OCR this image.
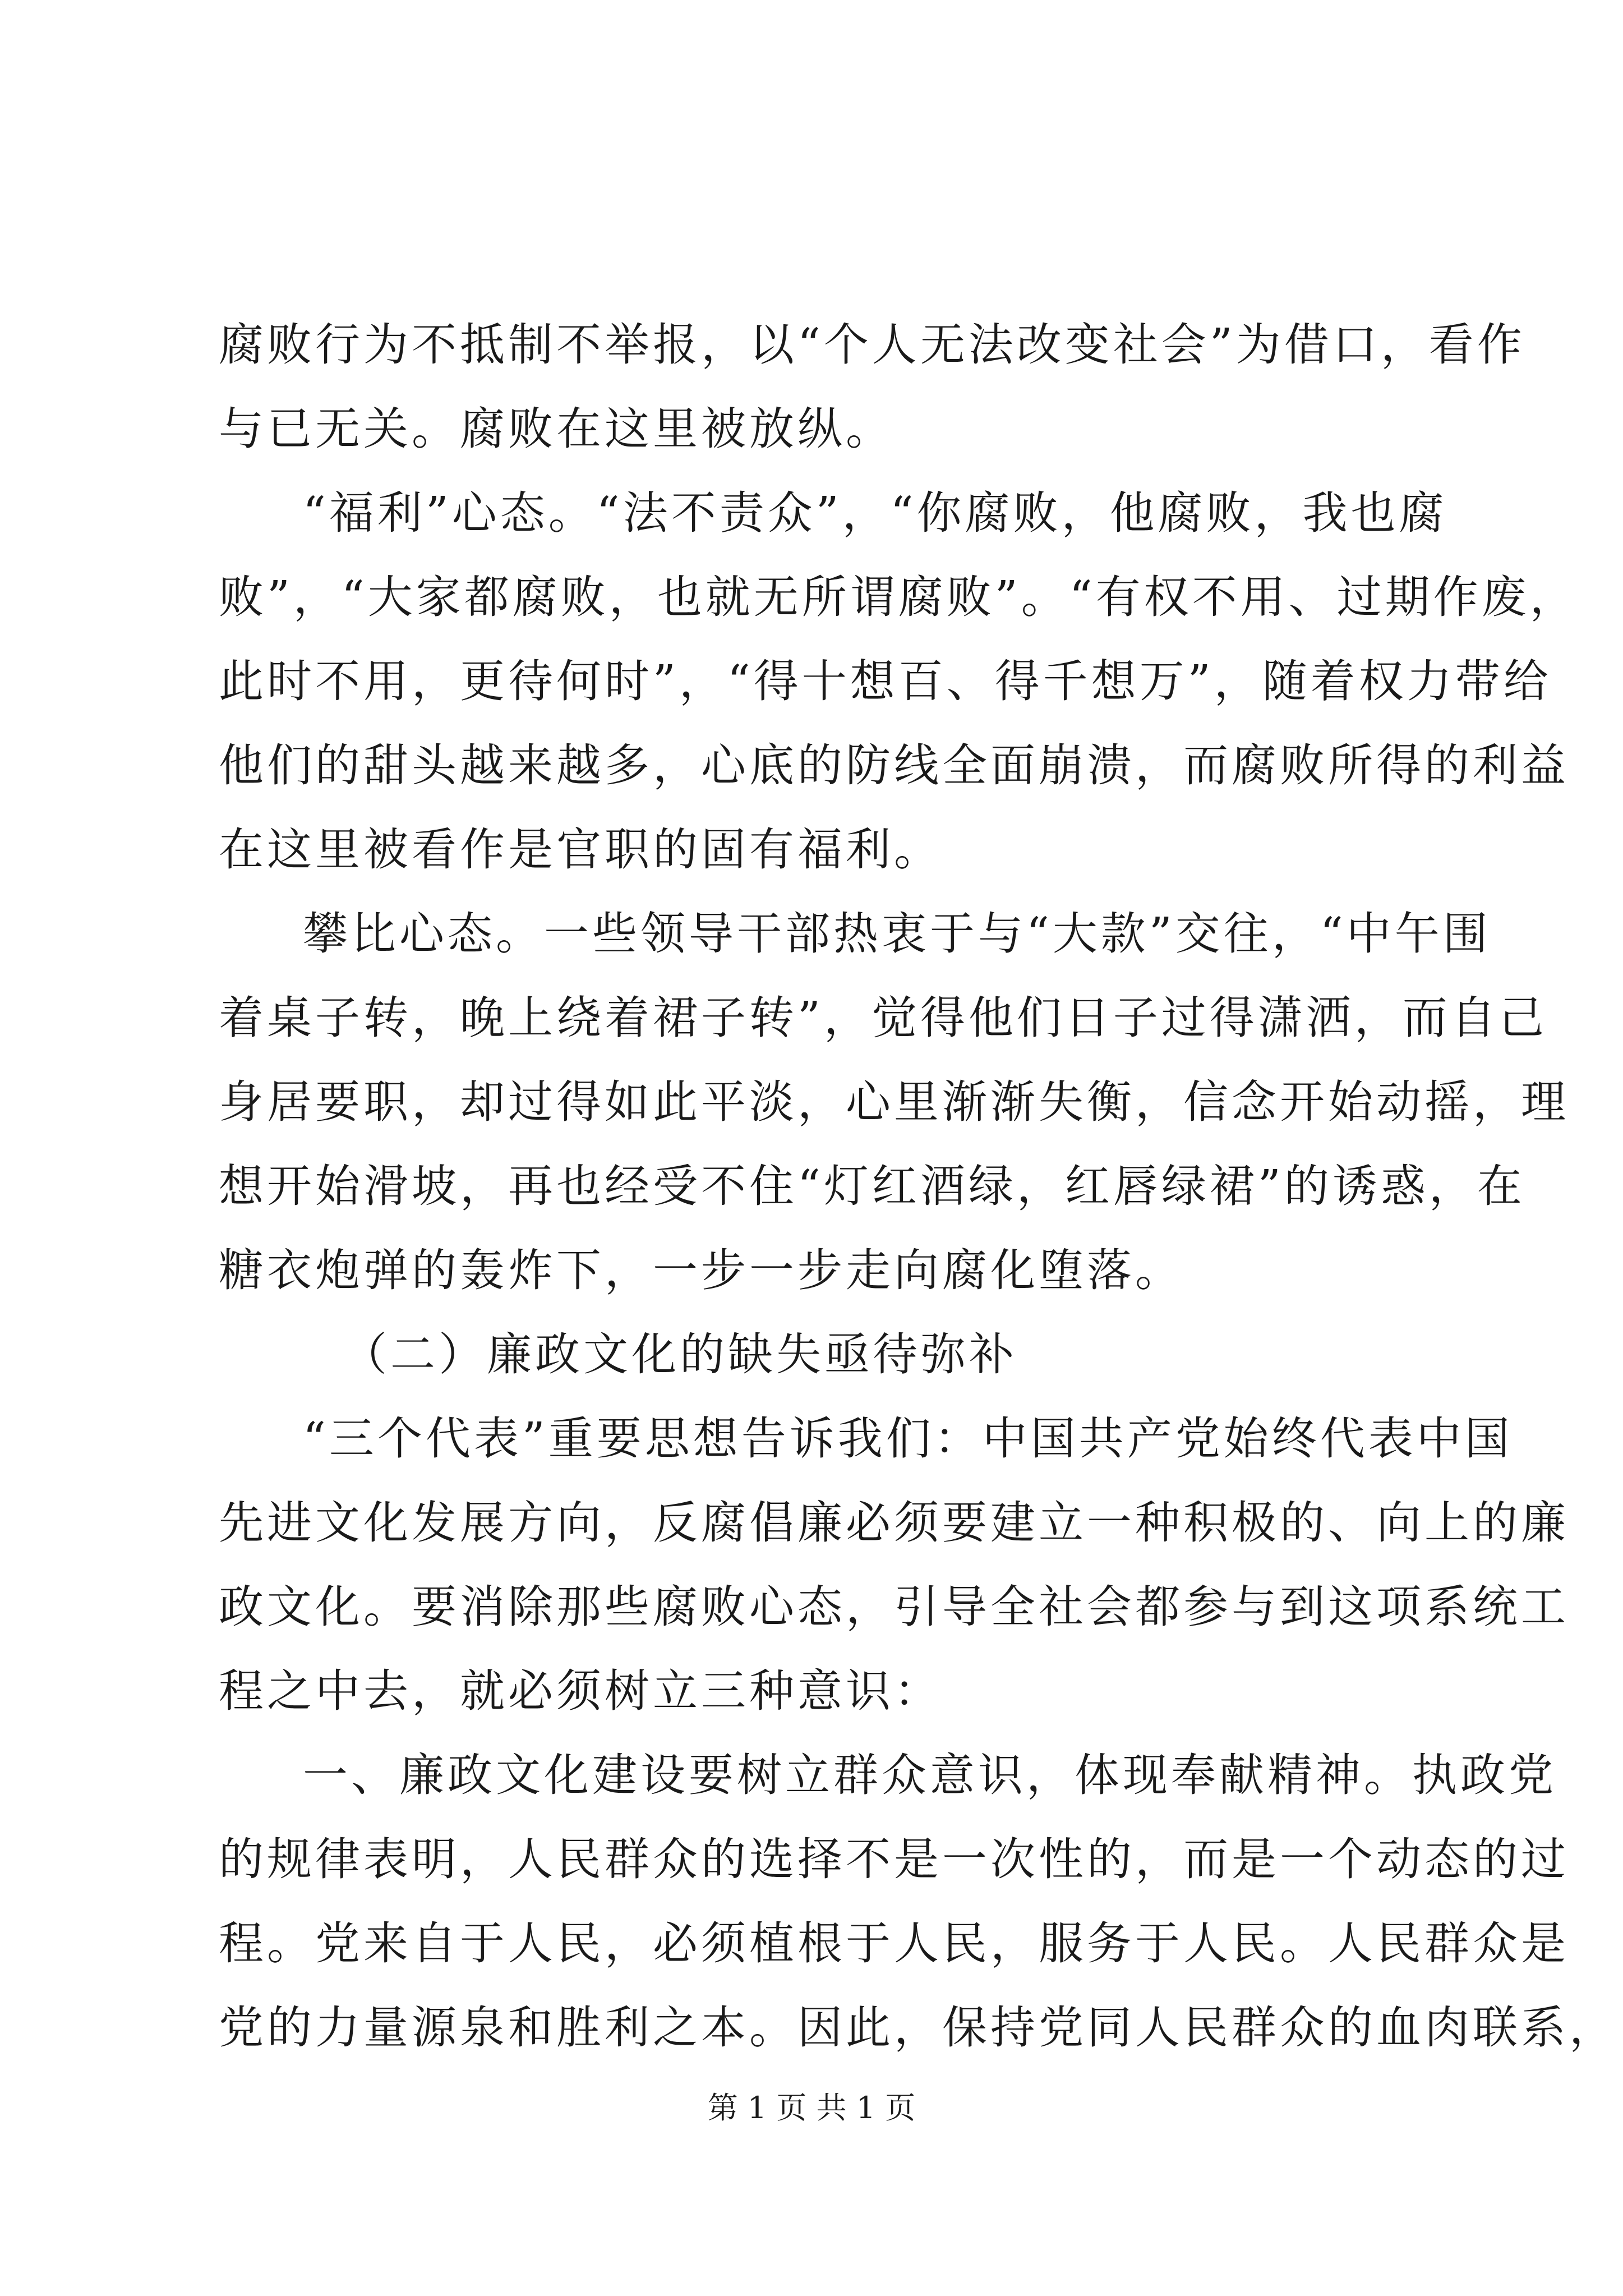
腐败行为不抵制不举报，以“个人无法改变社会”为借口，看作
与已无关。腐败在这里被放纵。
“福利”心态。“法不责众”，“你腐败，他腐败，我也腐
败”，“大家都腐败，也就无所谓腐败”。“有权不用、过期作废，
此时不用，更待何时”，“得十想百、得千想万”，随着权力带给
他们的甜头越来越多，心底的防线全面崩溃，而腐败所得的利益
在这里被看作是官职的固有福利。
攀比心态。一些领导干部热衷于与“大款”交往，“中午围
着桌子转，晚上绕着裙子转”，觉得他们日子过得潇洒，而自己
身居要职，却过得如此平淡，心里渐渐失衡，信念开始动摇，理
想开始滑坡，再也经受不住“灯红酒绿，红唇绿裙”的诱惑，在
糖衣炮弹的轰炸下，一步一步走向腐化堕落。
（二）廉政文化的缺失亟待弥补
“三个代表”重要思想告诉我们：中国共产党始终代表中国
先进文化发展方向，反腐倡廉必须要建立一种积极的、向上的廉
政文化。要消除那些腐败心态，引导全社会都参与到这项系统工
程之中去，就必须树立三种意识：
一、廉政文化建设要树立群众意识，体现奉献精神。执政党
的规律表明，人民群众的选择不是一次性的，而是一个动态的过
程。党来自于人民，必须植根于人民，服务于人民。人民群众是
党的力量源泉和胜利之本。因此，保持党同人民群众的血肉联系，
第 1 页 共 1 页
